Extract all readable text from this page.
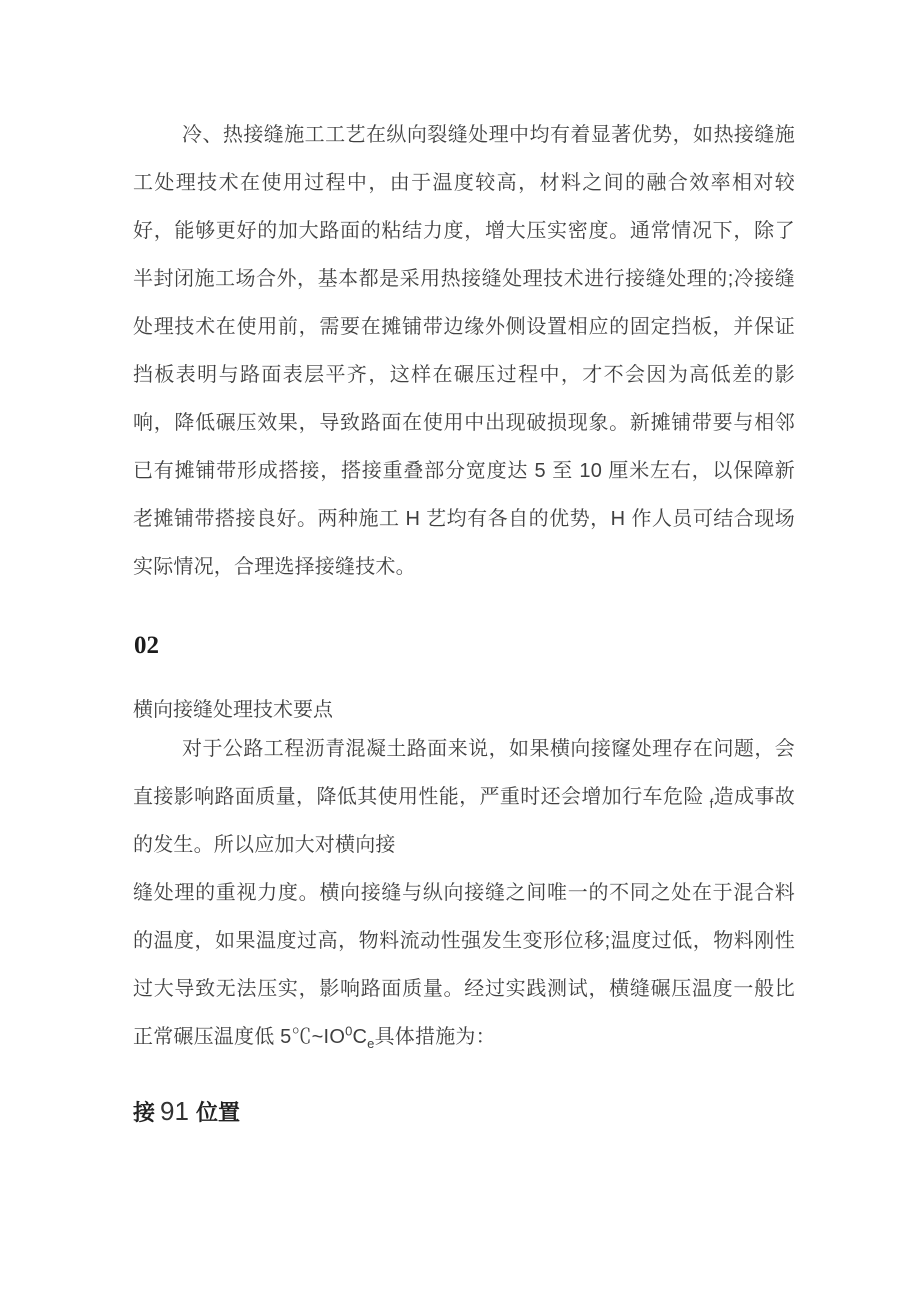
冷、热接缝施工工艺在纵向裂缝处理中均有着显著优势，如热接缝施工处理技术在使用过程中，由于温度较高，材料之间的融合效率相对较好，能够更好的加大路面的粘结力度，增大压实密度。通常情况下，除了半封闭施工场合外，基本都是采用热接缝处理技术进行接缝处理的;冷接缝处理技术在使用前，需要在摊铺带边缘外侧设置相应的固定挡板，并保证挡板表明与路面表层平齐，这样在碾压过程中，才不会因为高低差的影响，降低碾压效果，导致路面在使用中出现破损现象。新摊铺带要与相邻已有摊铺带形成搭接，搭接重叠部分宽度达 5 至 10 厘米左右，以保障新老摊铺带搭接良好。两种施工 H 艺均有各自的优势，H 作人员可结合现场实际情况，合理选择接缝技术。

02
横向接缝处理技术要点

对于公路工程沥青混凝土路面来说，如果横向接窿处理存在问题，会直接影响路面质量，降低其使用性能，严重时还会增加行车危险 $_f$造成事故的发生。所以应加大对横向接

缝处理的重视力度。横向接缝与纵向接缝之间唯一的不同之处在于混合料的温度，如果温度过高，物料流动性强发生变形位移;温度过低，物料刚性过大导致无法压实，影响路面质量。经过实践测试，横缝碾压温度一般比正常碾压温度低 $5℃\sim IO^0C_e$具体措施为：

接 91 位置
